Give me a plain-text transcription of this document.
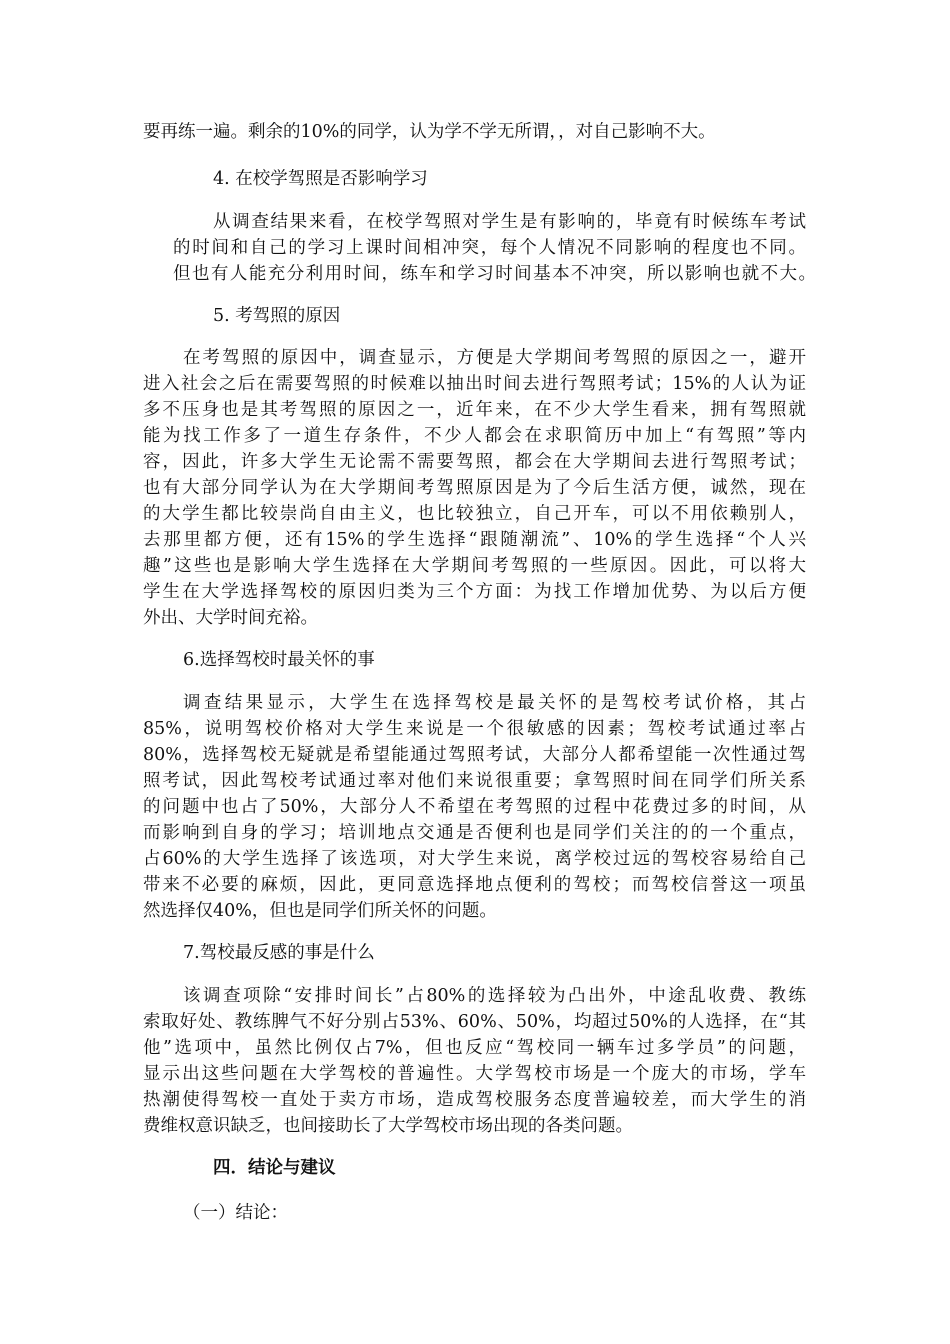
要再练一遍。剩余的10%的同学，认为学不学无所谓，，对自己影响不大。
4. 在校学驾照是否影响学习
从调查结果来看，在校学驾照对学生是有影响的，毕竟有时候练车考试
的时间和自己的学习上课时间相冲突，每个人情况不同影响的程度也不同。
但也有人能充分利用时间，练车和学习时间基本不冲突，所以影响也就不大。
5. 考驾照的原因
在考驾照的原因中，调查显示，方便是大学期间考驾照的原因之一，避开
进入社会之后在需要驾照的时候难以抽出时间去进行驾照考试；15%的人认为证
多不压身也是其考驾照的原因之一，近年来，在不少大学生看来，拥有驾照就
能为找工作多了一道生存条件，不少人都会在求职简历中加上“有驾照”等内
容，因此，许多大学生无论需不需要驾照，都会在大学期间去进行驾照考试；
也有大部分同学认为在大学期间考驾照原因是为了今后生活方便，诚然，现在
的大学生都比较崇尚自由主义，也比较独立，自己开车，可以不用依赖别人，
去那里都方便，还有15%的学生选择“跟随潮流”、10%的学生选择“个人兴
趣”这些也是影响大学生选择在大学期间考驾照的一些原因。因此，可以将大
学生在大学选择驾校的原因归类为三个方面：为找工作增加优势、为以后方便
外出、大学时间充裕。
6.选择驾校时最关怀的事
调查结果显示，大学生在选择驾校是最关怀的是驾校考试价格，其占
85%，说明驾校价格对大学生来说是一个很敏感的因素；驾校考试通过率占
80%，选择驾校无疑就是希望能通过驾照考试，大部分人都希望能一次性通过驾
照考试，因此驾校考试通过率对他们来说很重要；拿驾照时间在同学们所关系
的问题中也占了50%，大部分人不希望在考驾照的过程中花费过多的时间，从
而影响到自身的学习；培训地点交通是否便利也是同学们关注的的一个重点，
占60%的大学生选择了该选项，对大学生来说，离学校过远的驾校容易给自己
带来不必要的麻烦，因此，更同意选择地点便利的驾校；而驾校信誉这一项虽
然选择仅40%，但也是同学们所关怀的问题。
7.驾校最反感的事是什么
该调查项除“安排时间长”占80%的选择较为凸出外，中途乱收费、教练
索取好处、教练脾气不好分别占53%、60%、50%，均超过50%的人选择，在“其
他”选项中，虽然比例仅占7%，但也反应“驾校同一辆车过多学员”的问题，
显示出这些问题在大学驾校的普遍性。大学驾校市场是一个庞大的市场，学车
热潮使得驾校一直处于卖方市场，造成驾校服务态度普遍较差，而大学生的消
费维权意识缺乏，也间接助长了大学驾校市场出现的各类问题。
四．结论与建议
（一）结论：
